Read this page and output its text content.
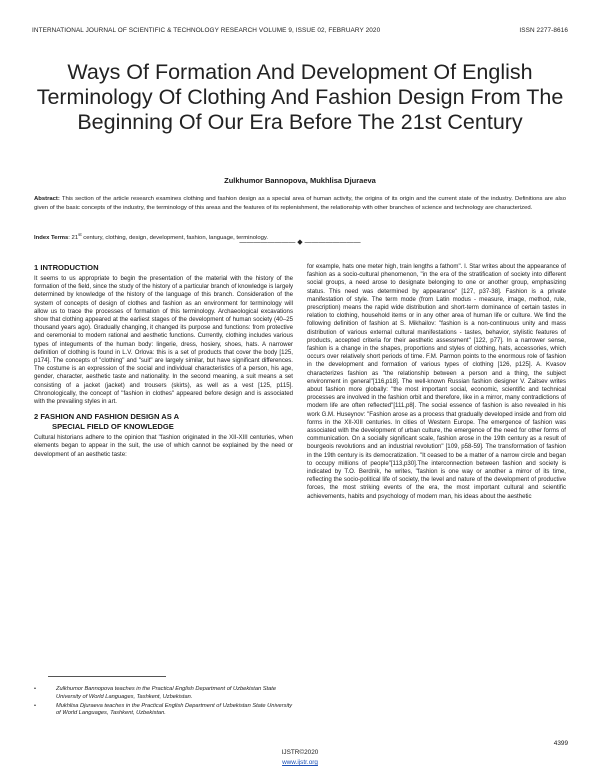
INTERNATIONAL JOURNAL OF SCIENTIFIC & TECHNOLOGY RESEARCH VOLUME 9, ISSUE 02, FEBRUARY 2020	ISSN 2277-8616
Ways Of Formation And Development Of English Terminology Of Clothing And Fashion Design From The Beginning Of Our Era Before The 21st Century
Zulkhumor Bannopova, Mukhlisa Djuraeva
Abstract: This section of the article research examines clothing and fashion design as a special area of human activity, the origins of its origin and the current state of the industry. Definitions are also given of the basic concepts of the industry, the terminology of this areas and the features of its replenishment, the relationship with other branches of science and technology are characterized.
Index Terms: 21st century, clothing, design, development, fashion, language, terminology.
———————— ◆ ————————
1 INTRODUCTION

It seems to us appropriate to begin the presentation of the material with the history of the formation of the field, since the study of the history of a particular branch of knowledge is largely determined by knowledge of the history of the language of this branch. Consideration of the system of concepts of design of clothes and fashion as an environment for terminology will allow us to trace the processes of formation of this terminology. Archaeological excavations show that clothing appeared at the earliest stages of the development of human society (40–25 thousand years ago). Gradually changing, it changed its purpose and functions: from protective and ceremonial to modern rational and aesthetic functions. Currently, clothing includes various types of integuments of the human body: lingerie, dress, hosiery, shoes, hats. A narrower definition of clothing is found in L.V. Orlova: this is a set of products that cover the body [125, p174]. The concepts of "clothing" and "suit" are largely similar, but have significant differences. The costume is an expression of the social and individual characteristics of a person, his age, gender, character, aesthetic taste and nationality. In the second meaning, a suit means a set consisting of a jacket (jacket) and trousers (skirts), as well as a vest [125, p115]. Chronologically, the concept of "fashion in clothes" appeared before design and is associated with the prevailing styles in art.

2 FASHION AND FASHION DESIGN AS A
SPECIAL FIELD OF KNOWLEDGE

Cultural historians adhere to the opinion that "fashion originated in the XII-XIII centuries, when elements began to appear in the suit, the use of which cannot be explained by the need or development of an aesthetic taste:

for example, hats one meter high, train lengths a fathom". I. Star writes about the appearance of fashion as a socio-cultural phenomenon, "in the era of the stratification of society into different social groups, a need arose to designate belonging to one or another group, emphasizing status. This need was determined by appearance" [127, p37-38]. Fashion is a private manifestation of style. The term mode (from Latin modus - measure, image, method, rule, prescription) means the rapid wide distribution and short-term dominance of certain tastes in relation to clothing, household items or in any other area of human life or culture. We find the following definition of fashion at S. Mikhailov: "fashion is a non-continuous unity and mass distribution of various external cultural manifestations - tastes, behavior, stylistic features of products, accepted criteria for their aesthetic assessment" [122, p77]. In a narrower sense, fashion is a change in the shapes, proportions and styles of clothing, hats, accessories, which occurs over relatively short periods of time. F.M. Parmon points to the enormous role of fashion in the development and formation of various types of clothing [126, p125]. A. Kvasov characterizes fashion as "the relationship between a person and a thing, the subject environment in general"[116,p18]. The well-known Russian fashion designer V. Zaitsev writes about fashion more globally: "the most important social, economic, scientific and technical processes are involved in the fashion orbit and therefore, like in a mirror, many contradictions of modern life are often reflected"[111,p8]. The social essence of fashion is also revealed in his work G.M. Huseynov: "Fashion arose as a process that gradually developed inside and from old forms in the XII-XIII centuries. In cities of Western Europe. The emergence of fashion was associated with the development of urban culture, the emergence of the need for other forms of communication. On a socially significant scale, fashion arose in the 19th century as a result of bourgeois revolutions and an industrial revolution" [109, p58-59]. The transformation of fashion in the 19th century is its democratization. "It ceased to be a matter of a narrow circle and began to occupy millions of people"[113,p30].The interconnection between fashion and society is indicated by T.O. Berdnik, he writes, "fashion is one way or another a mirror of its time, reflecting the socio-political life of society, the level and nature of the development of productive forces, the most striking events of the era, the most important cultural and scientific achievements, habits and psychology of modern man, his ideas about the aesthetic

•	Zulkhumor Bannopova teaches in the Practical English Department of Uzbekistan State University of World Languages, Tashkent, Uzbekistan.
•	Mukhlisa Djuraeva teaches in the Practical English Department of Uzbekistan State University of World Languages, Tashkent, Uzbekistan.
4399
IJSTR©2020
www.ijstr.org
